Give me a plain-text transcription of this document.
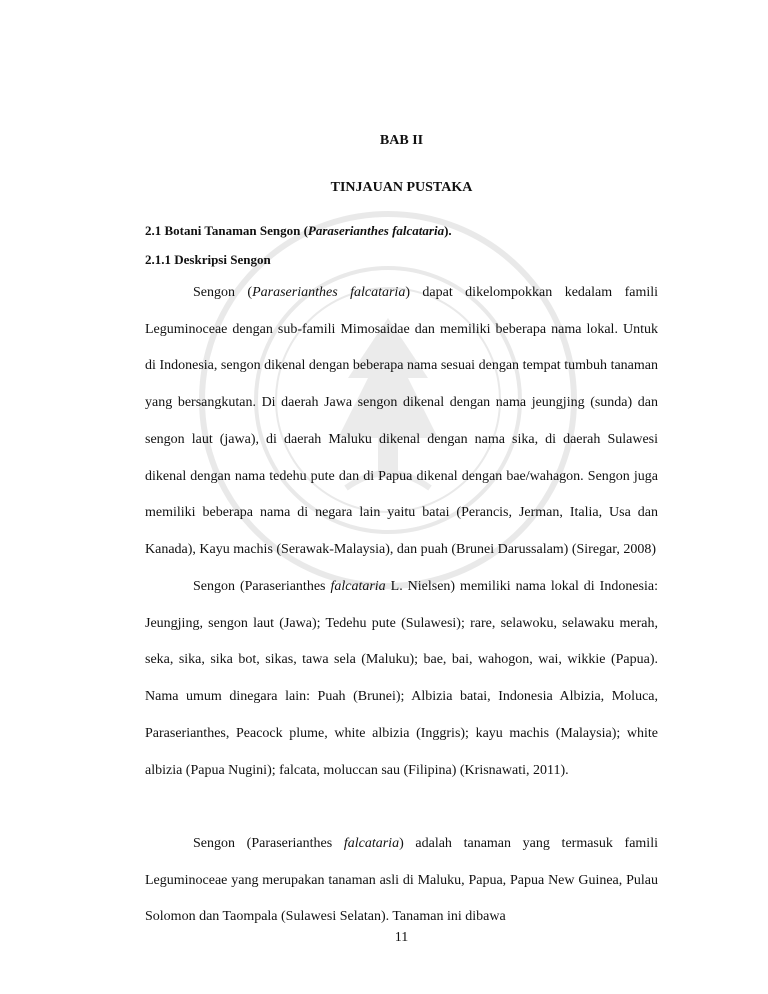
BAB II
TINJAUAN PUSTAKA
2.1 Botani Tanaman Sengon (Paraserianthes falcataria).
2.1.1 Deskripsi Sengon

Sengon (Paraserianthes falcataria) dapat dikelompokkan kedalam famili Leguminoceae dengan sub-famili Mimosaidae dan memiliki beberapa nama lokal. Untuk di Indonesia, sengon dikenal dengan beberapa nama sesuai dengan tempat tumbuh tanaman yang bersangkutan. Di daerah Jawa sengon dikenal dengan nama jeungjing (sunda) dan sengon laut (jawa), di daerah Maluku dikenal dengan nama sika, di daerah Sulawesi dikenal dengan nama tedehu pute dan di Papua dikenal dengan bae/wahagon. Sengon juga memiliki beberapa nama di negara lain yaitu batai (Perancis, Jerman, Italia, Usa dan Kanada), Kayu machis (Serawak-Malaysia), dan puah (Brunei Darussalam) (Siregar, 2008)

Sengon (Paraserianthes falcataria L. Nielsen) memiliki nama lokal di Indonesia: Jeungjing, sengon laut (Jawa); Tedehu pute (Sulawesi); rare, selawoku, selawaku merah, seka, sika, sika bot, sikas, tawa sela (Maluku); bae, bai, wahogon, wai, wikkie (Papua). Nama umum dinegara lain: Puah (Brunei); Albizia batai, Indonesia Albizia, Moluca, Paraserianthes, Peacock plume, white albizia (Inggris); kayu machis (Malaysia); white albizia (Papua Nugini); falcata, moluccan sau (Filipina) (Krisnawati, 2011).

Sengon (Paraserianthes falcataria) adalah tanaman yang termasuk famili Leguminoceae yang merupakan tanaman asli di Maluku, Papua, Papua New Guinea, Pulau Solomon dan Taompala (Sulawesi Selatan). Tanaman ini dibawa

11
